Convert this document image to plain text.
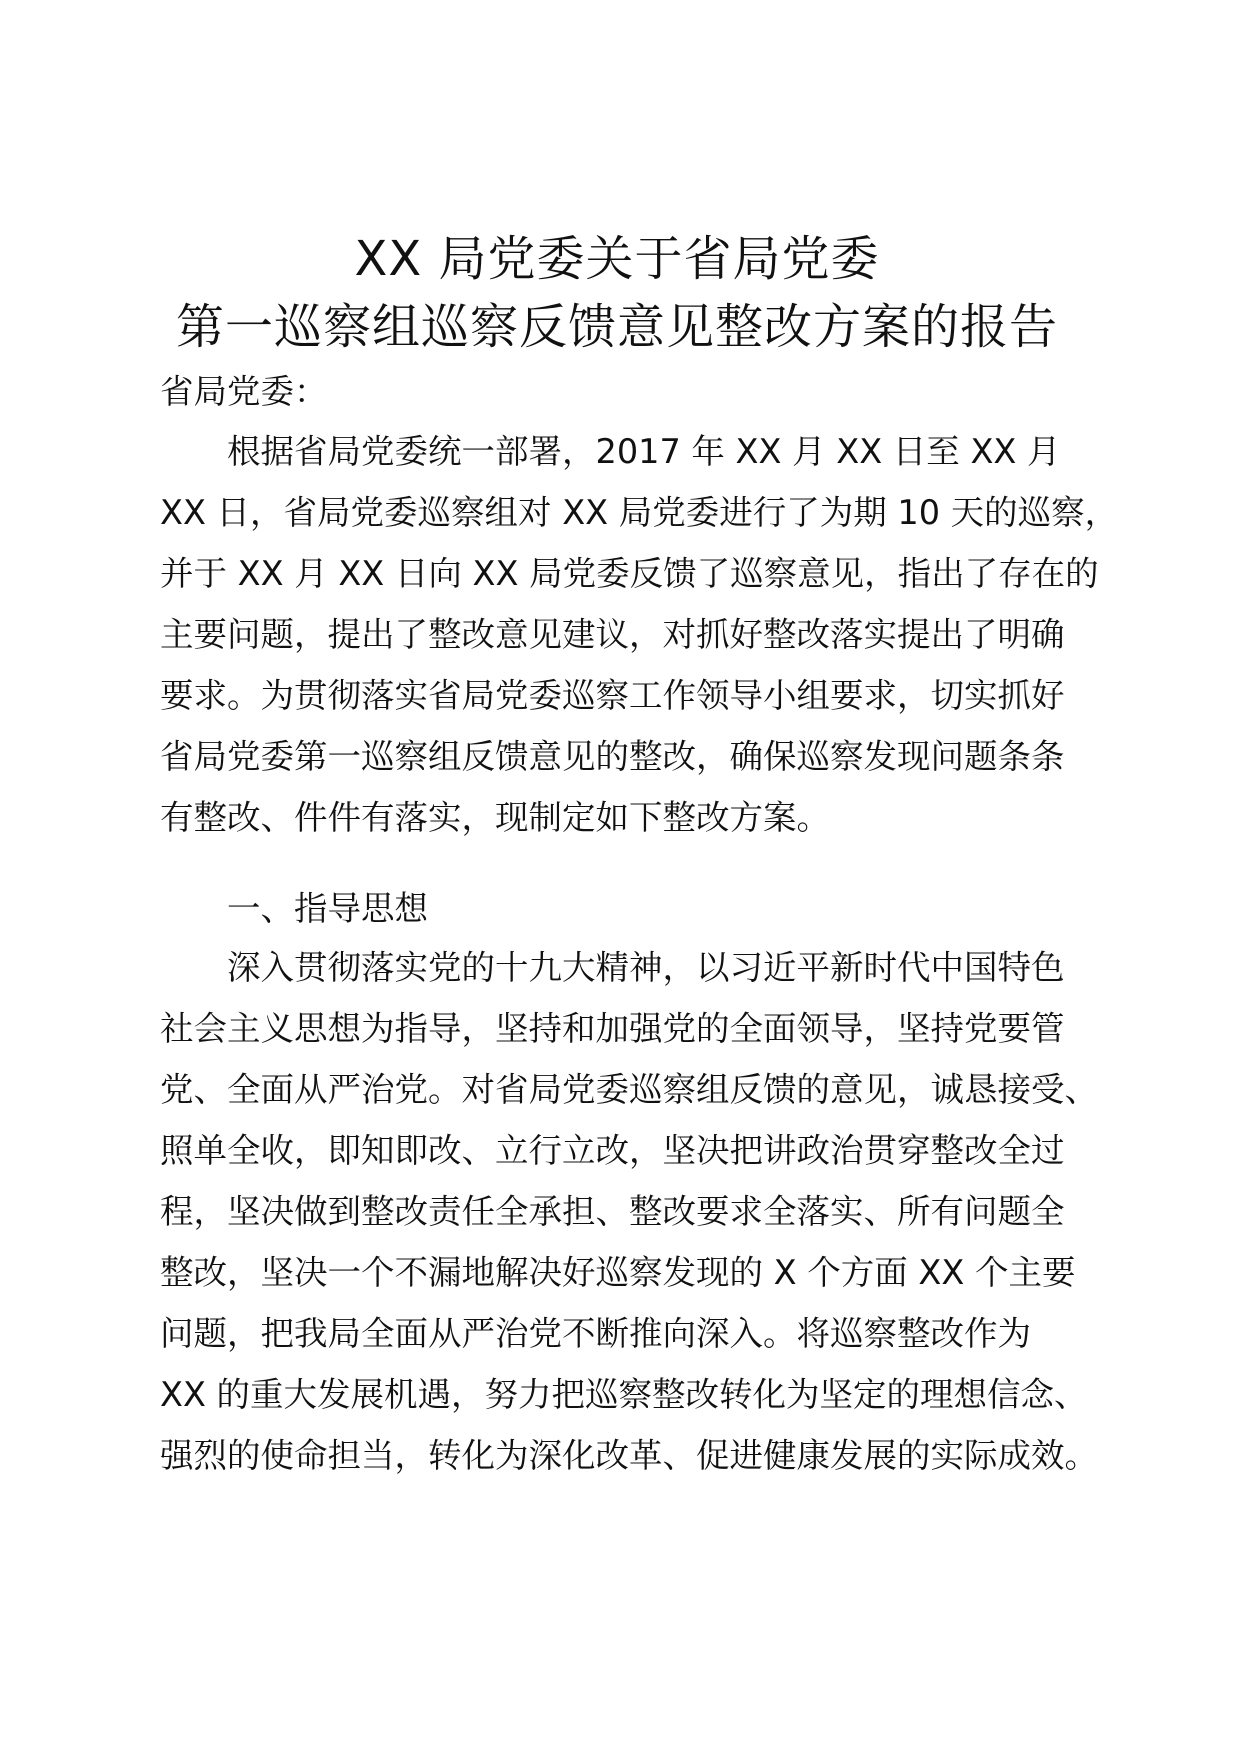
XX 局党委关于省局党委
第一巡察组巡察反馈意见整改方案的报告
省局党委：
根据省局党委统一部署，2017 年 XX 月 XX 日至 XX 月
XX 日，省局党委巡察组对 XX 局党委进行了为期 10 天的巡察，
并于 XX 月 XX 日向 XX 局党委反馈了巡察意见，指出了存在的
主要问题，提出了整改意见建议，对抓好整改落实提出了明确
要求。为贯彻落实省局党委巡察工作领导小组要求，切实抓好
省局党委第一巡察组反馈意见的整改，确保巡察发现问题条条
有整改、件件有落实，现制定如下整改方案。
一、指导思想
深入贯彻落实党的十九大精神，以习近平新时代中国特色
社会主义思想为指导，坚持和加强党的全面领导，坚持党要管
党、全面从严治党。对省局党委巡察组反馈的意见，诚恳接受、
照单全收，即知即改、立行立改，坚决把讲政治贯穿整改全过
程，坚决做到整改责任全承担、整改要求全落实、所有问题全
整改，坚决一个不漏地解决好巡察发现的 X 个方面 XX 个主要
问题，把我局全面从严治党不断推向深入。将巡察整改作为
XX 的重大发展机遇，努力把巡察整改转化为坚定的理想信念、
强烈的使命担当，转化为深化改革、促进健康发展的实际成效。
